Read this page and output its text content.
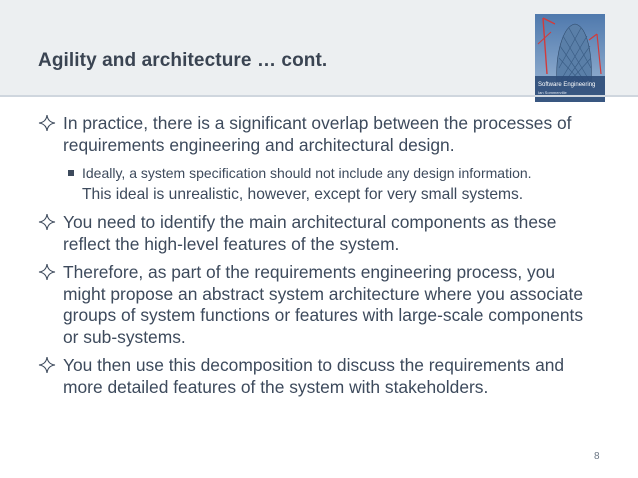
Agility and architecture … cont.
Software Engineering
Ian Sommerville
In practice, there is a significant overlap between the processes of requirements engineering and architectural design.
Ideally, a system specification should not include any design information. This ideal is unrealistic, however, except for very small systems.
You need to identify the main architectural components as these reflect the high-level features of the system.
Therefore, as part of the requirements engineering process, you might propose an abstract system architecture where you associate groups of system functions or features with large-scale components or sub-systems.
You then use this decomposition to discuss the requirements and more detailed features of the system with stakeholders.
8
